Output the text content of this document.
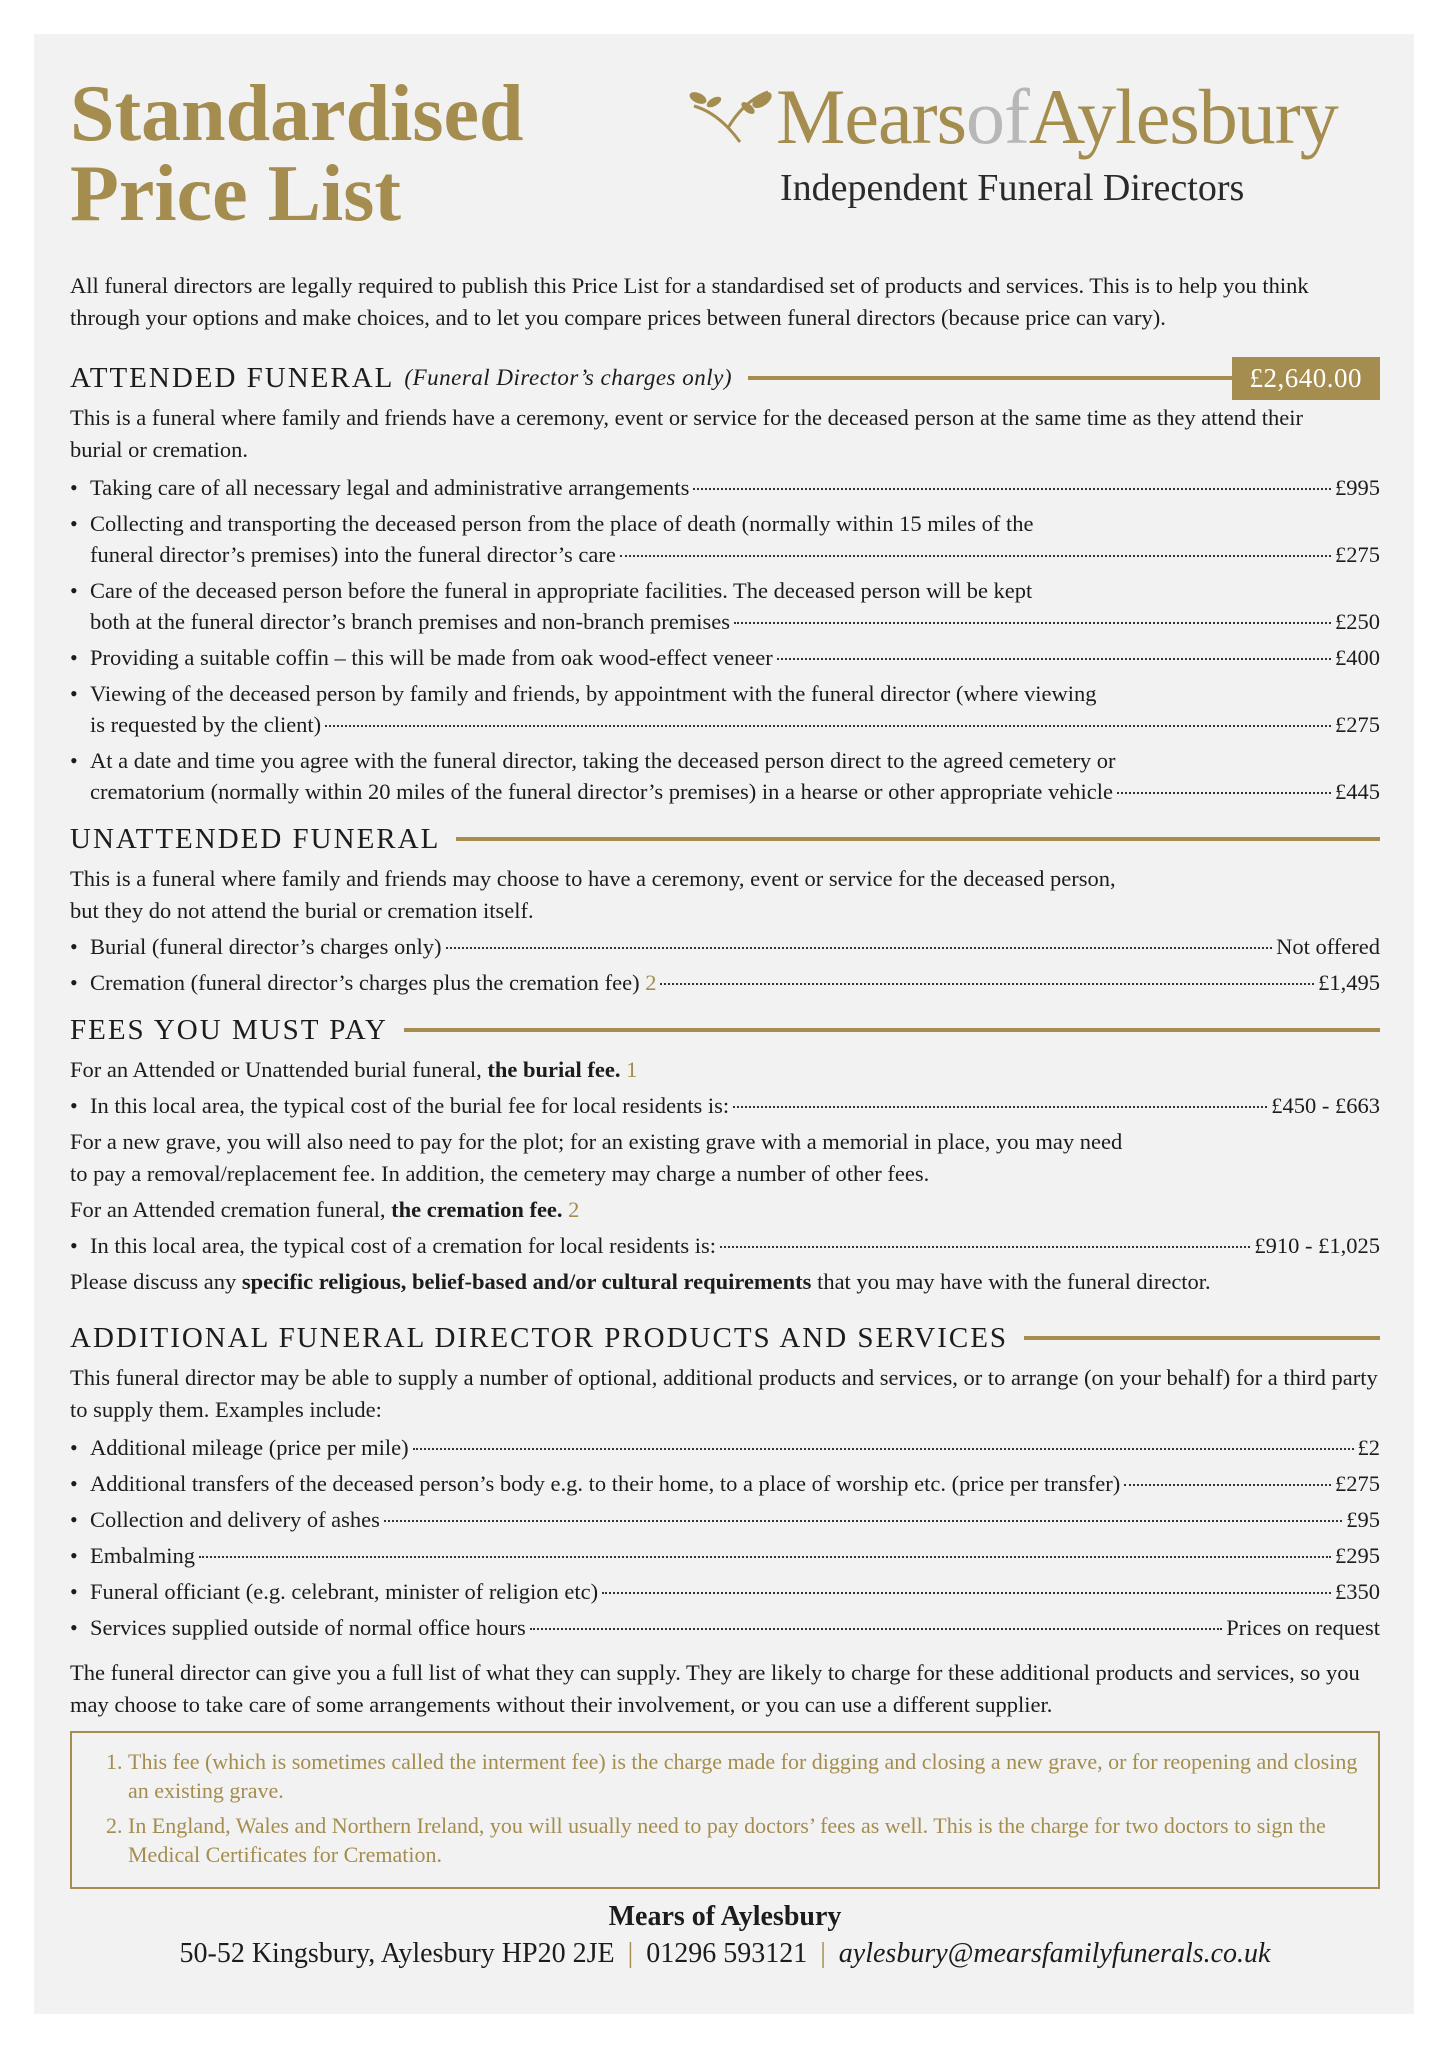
Standardised
Price List
MearsofAylesbury
Independent Funeral Directors

All funeral directors are legally required to publish this Price List for a standardised set of products and services. This is to help you think through your options and make choices, and to let you compare prices between funeral directors (because price can vary).

ATTENDED FUNERAL (Funeral Director’s charges only)	£2,640.00

This is a funeral where family and friends have a ceremony, event or service for the deceased person at the same time as they attend their burial or cremation.

• Taking care of all necessary legal and administrative arrangements	£995
• Collecting and transporting the deceased person from the place of death (normally within 15 miles of the
funeral director’s premises) into the funeral director’s care	£275
• Care of the deceased person before the funeral in appropriate facilities. The deceased person will be kept
both at the funeral director’s branch premises and non-branch premises	£250
• Providing a suitable coffin – this will be made from oak wood-effect veneer	£400
• Viewing of the deceased person by family and friends, by appointment with the funeral director (where viewing
is requested by the client)	£275
• At a date and time you agree with the funeral director, taking the deceased person direct to the agreed cemetery or
crematorium (normally within 20 miles of the funeral director’s premises) in a hearse or other appropriate vehicle	£445
UNATTENDED FUNERAL
This is a funeral where family and friends may choose to have a ceremony, event or service for the deceased person,
but they do not attend the burial or cremation itself.
• Burial (funeral director’s charges only)	Not offered
• Cremation (funeral director’s charges plus the cremation fee) 2	£1,495
FEES YOU MUST PAY
For an Attended or Unattended burial funeral, the burial fee. 1
• In this local area, the typical cost of the burial fee for local residents is:	£450 - £663
For a new grave, you will also need to pay for the plot; for an existing grave with a memorial in place, you may need
to pay a removal/replacement fee. In addition, the cemetery may charge a number of other fees.
For an Attended cremation funeral, the cremation fee. 2
• In this local area, the typical cost of a cremation for local residents is:	£910 - £1,025
Please discuss any specific religious, belief-based and/or cultural requirements that you may have with the funeral director.
ADDITIONAL FUNERAL DIRECTOR PRODUCTS AND SERVICES

This funeral director may be able to supply a number of optional, additional products and services, or to arrange (on your behalf) for a third party to supply them. Examples include:

• Additional mileage (price per mile)	£2
• Additional transfers of the deceased person’s body e.g. to their home, to a place of worship etc. (price per transfer)	£275
• Collection and delivery of ashes	£95
• Embalming	£295
• Funeral officiant (e.g. celebrant, minister of religion etc)	£350
• Services supplied outside of normal office hours	Prices on request

The funeral director can give you a full list of what they can supply. They are likely to charge for these additional products and services, so you may choose to take care of some arrangements without their involvement, or you can use a different supplier.

1. This fee (which is sometimes called the interment fee) is the charge made for digging and closing a new grave, or for reopening and closing an existing grave.
2. In England, Wales and Northern Ireland, you will usually need to pay doctors’ fees as well. This is the charge for two doctors to sign the Medical Certificates for Cremation.
Mears of Aylesbury
50-52 Kingsbury, Aylesbury HP20 2JE | 01296 593121 | aylesbury@mearsfamilyfunerals.co.uk
